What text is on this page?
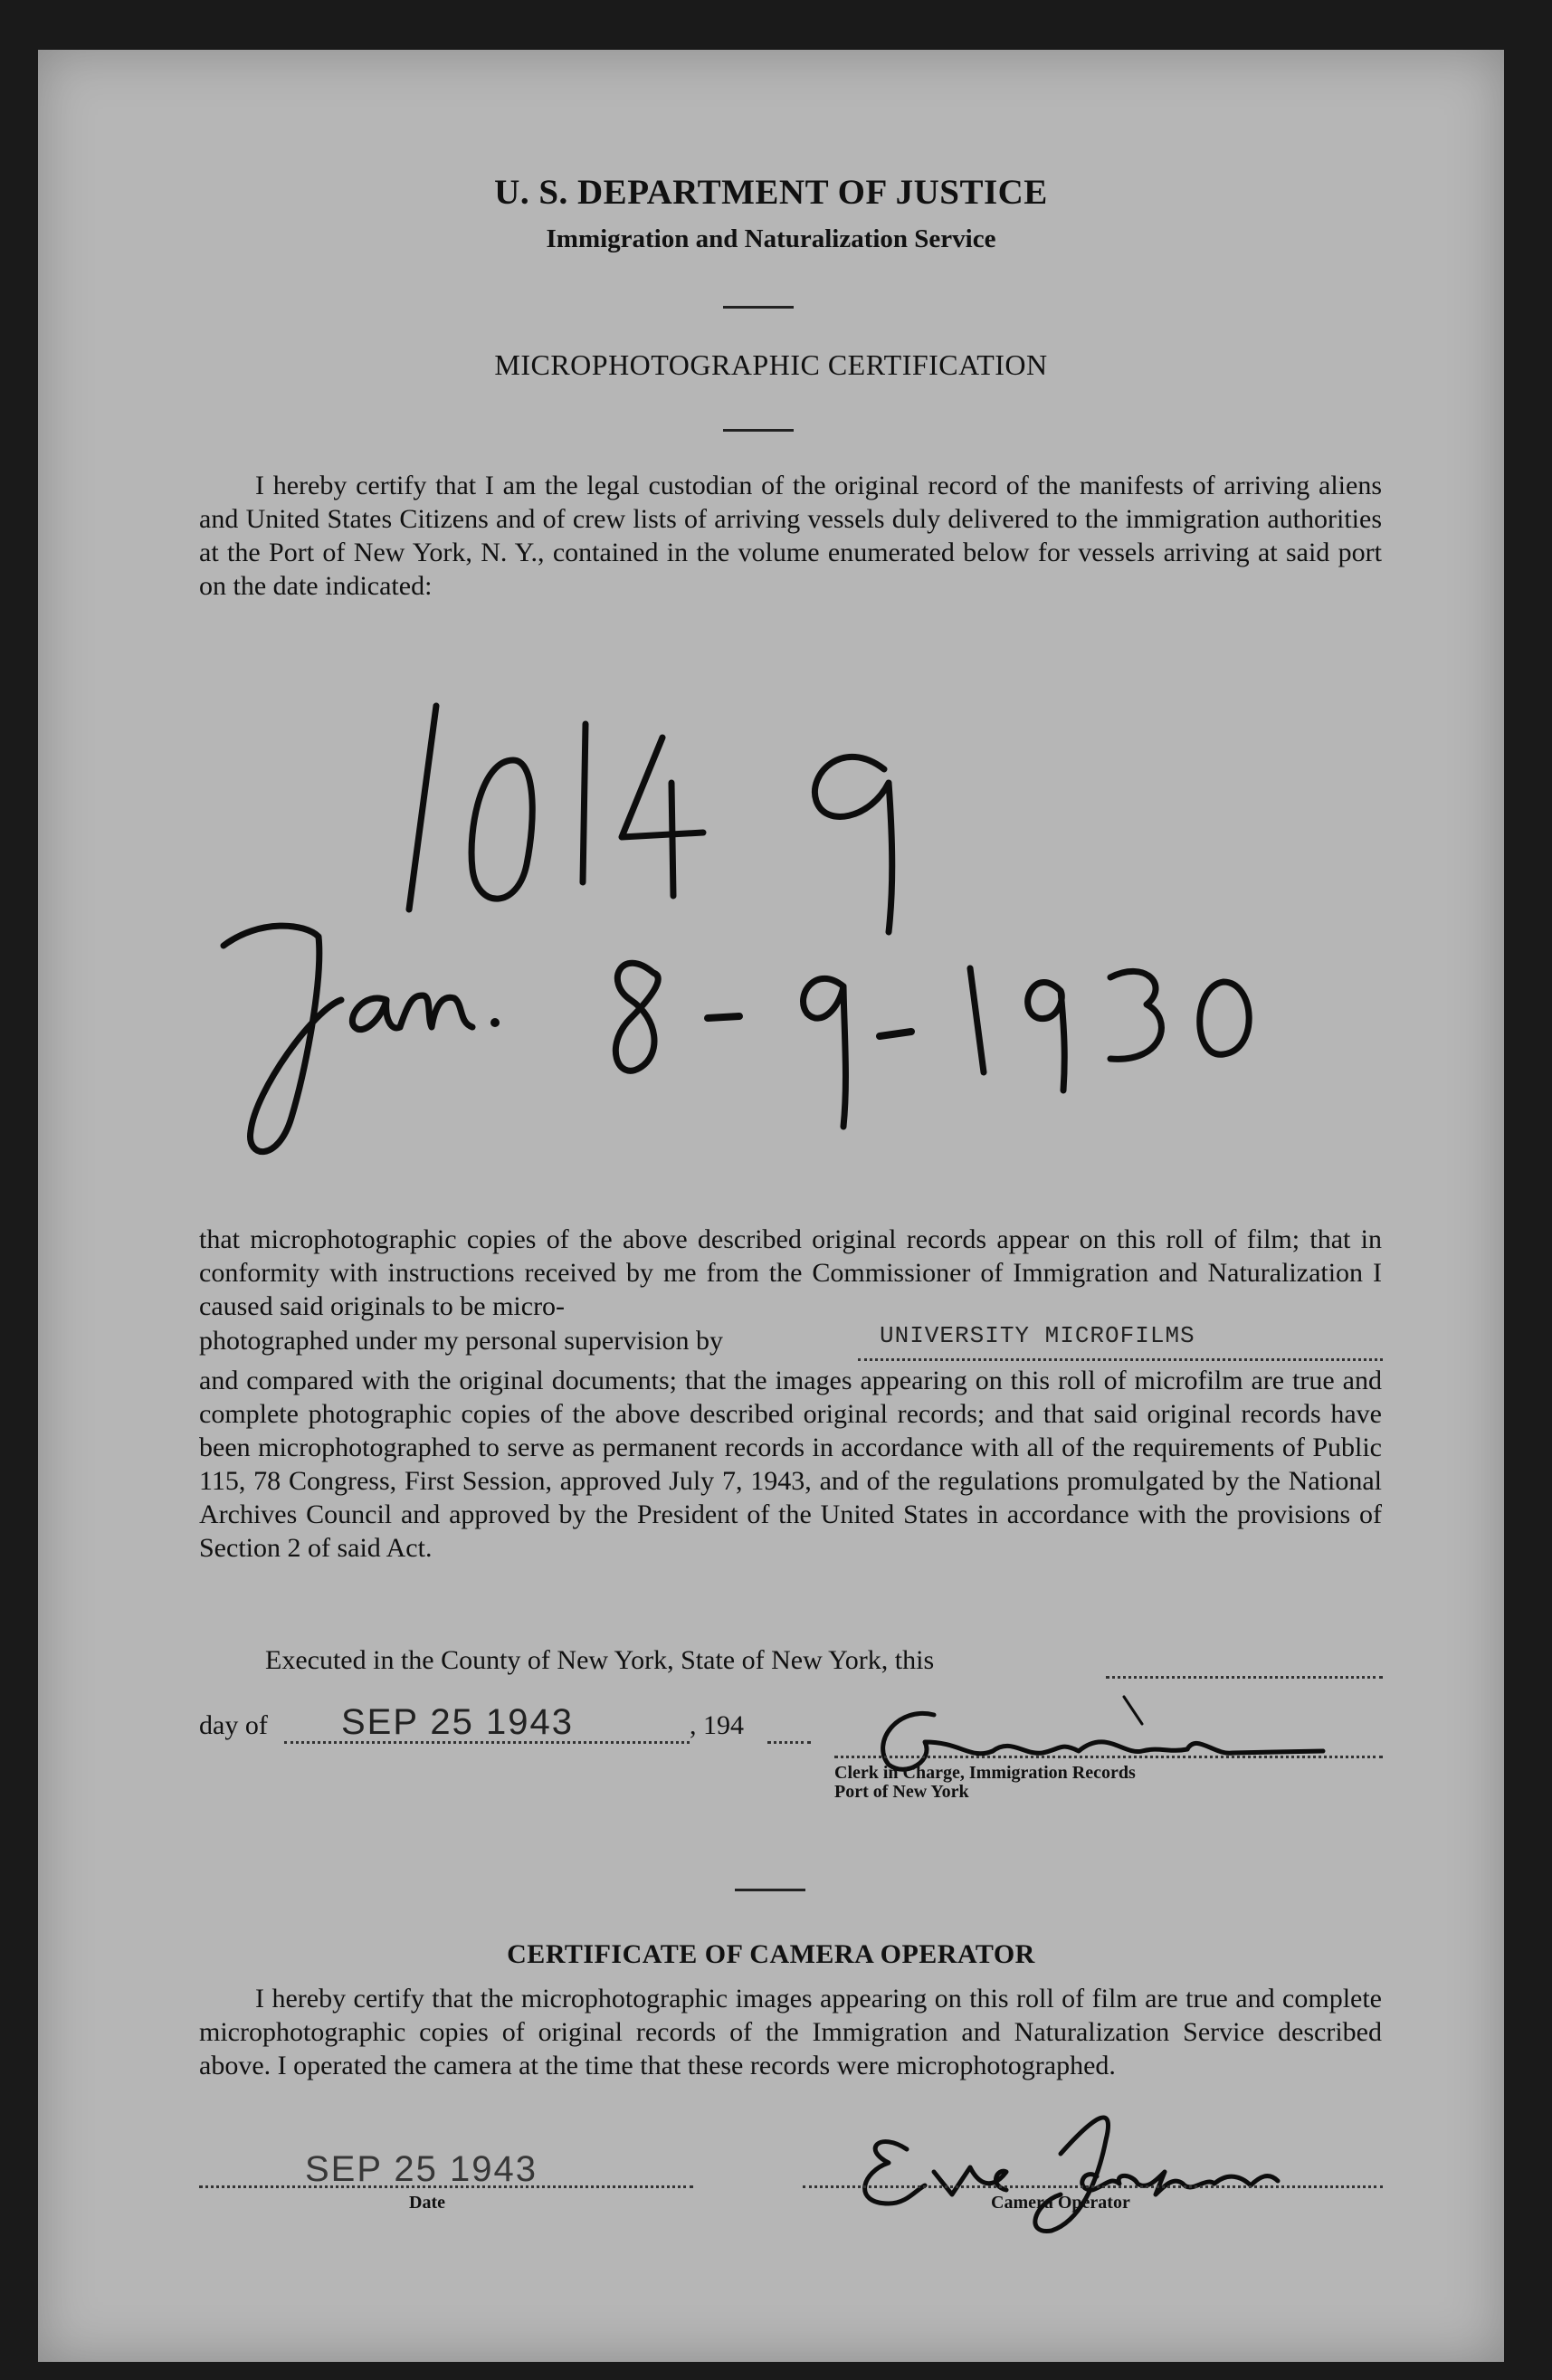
U. S. DEPARTMENT OF JUSTICE
Immigration and Naturalization Service
MICROPHOTOGRAPHIC CERTIFICATION
I hereby certify that I am the legal custodian of the original record of the manifests of arriving aliens and United States Citizens and of crew lists of arriving vessels duly delivered to the immigration authorities at the Port of New York, N. Y., contained in the volume enumerated below for vessels arriving at said port on the date indicated:
that microphotographic copies of the above described original records appear on this roll of film; that in conformity with instructions received by me from the Commissioner of Immigration and Naturalization I caused said originals to be micro-
photographed under my personal supervision by	UNIVERSITY MICROFILMS
and compared with the original documents; that the images appearing on this roll of microfilm are true and complete photographic copies of the above described original records; and that said original records have been microphotographed to serve as permanent records in accordance with all of the requirements of Public 115, 78 Congress, First Session, approved July 7, 1943, and of the regulations promulgated by the National Archives Council and approved by the President of the United States in accordance with the provisions of Section 2 of said Act.
Executed in the County of New York, State of New York, this
day of SEP 25 1943	, 194
Clerk in Charge, Immigration Records
Port of New York
CERTIFICATE OF CAMERA OPERATOR
I hereby certify that the microphotographic images appearing on this roll of film are true and complete microphotographic copies of original records of the Immigration and Naturalization Service described above. I operated the camera at the time that these records were microphotographed.
SEP 25 1943
Date	Camera Operator
